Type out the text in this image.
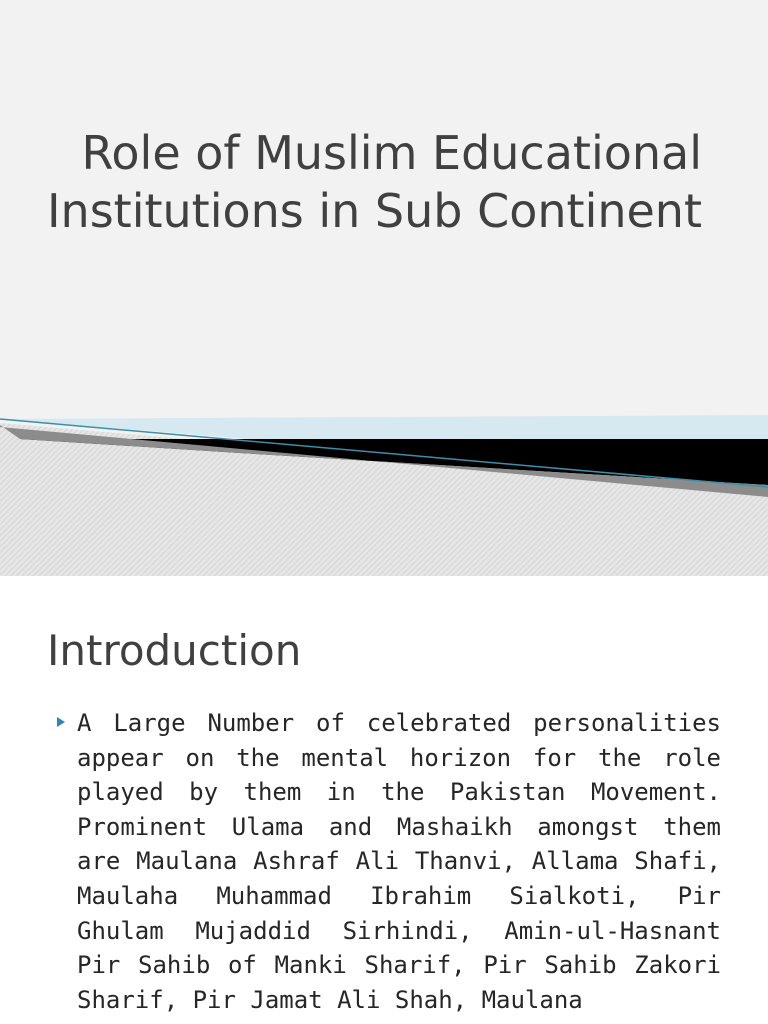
Role of Muslim Educational Institutions in Sub Continent
Introduction
A Large Number of celebrated personalities appear on the mental horizon for the role played by them in the Pakistan Movement. Prominent Ulama and Mashaikh amongst them are Maulana Ashraf Ali Thanvi, Allama Shafi, Maulaha Muhammad Ibrahim Sialkoti, Pir Ghulam Mujaddid Sirhindi, Amin-ul-Hasnant Pir Sahib of Manki Sharif, Pir Sahib Zakori Sharif, Pir Jamat Ali Shah, Maulana
